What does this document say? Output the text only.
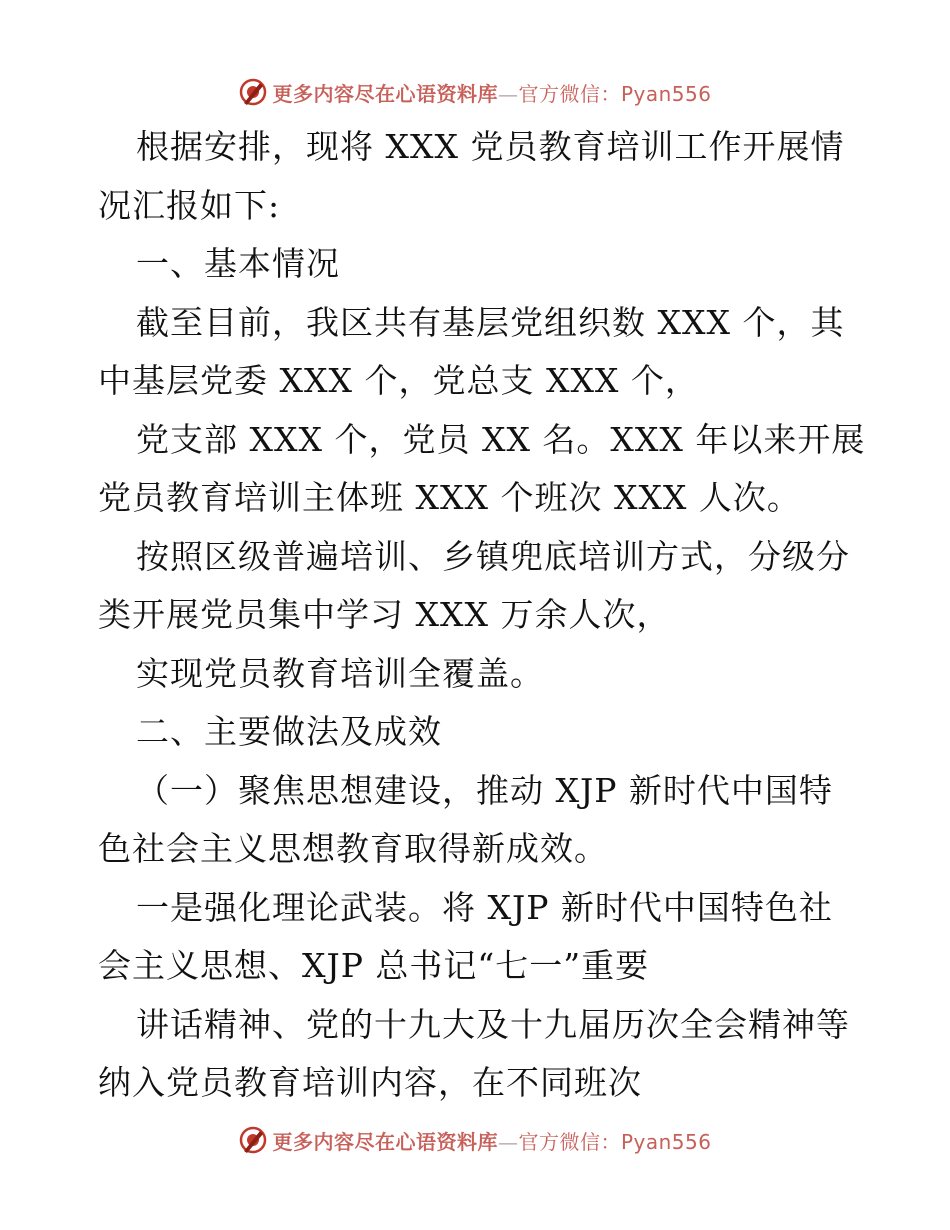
更多内容尽在心语资料库—官方微信：Pyan556
根据安排，现将 XXX 党员教育培训工作开展情
况汇报如下:
一、基本情况
截至目前，我区共有基层党组织数 XXX 个，其
中基层党委 XXX 个，党总支 XXX 个，
党支部 XXX 个，党员 XX 名。XXX 年以来开展
党员教育培训主体班 XXX 个班次 XXX 人次。
按照区级普遍培训、乡镇兜底培训方式，分级分
类开展党员集中学习 XXX 万余人次，
实现党员教育培训全覆盖。
二、主要做法及成效
（一）聚焦思想建设，推动 XJP 新时代中国特
色社会主义思想教育取得新成效。
一是强化理论武装。将 XJP 新时代中国特色社
会主义思想、XJP 总书记“七一”重要
讲话精神、党的十九大及十九届历次全会精神等
纳入党员教育培训内容，在不同班次
更多内容尽在心语资料库—官方微信：Pyan556
